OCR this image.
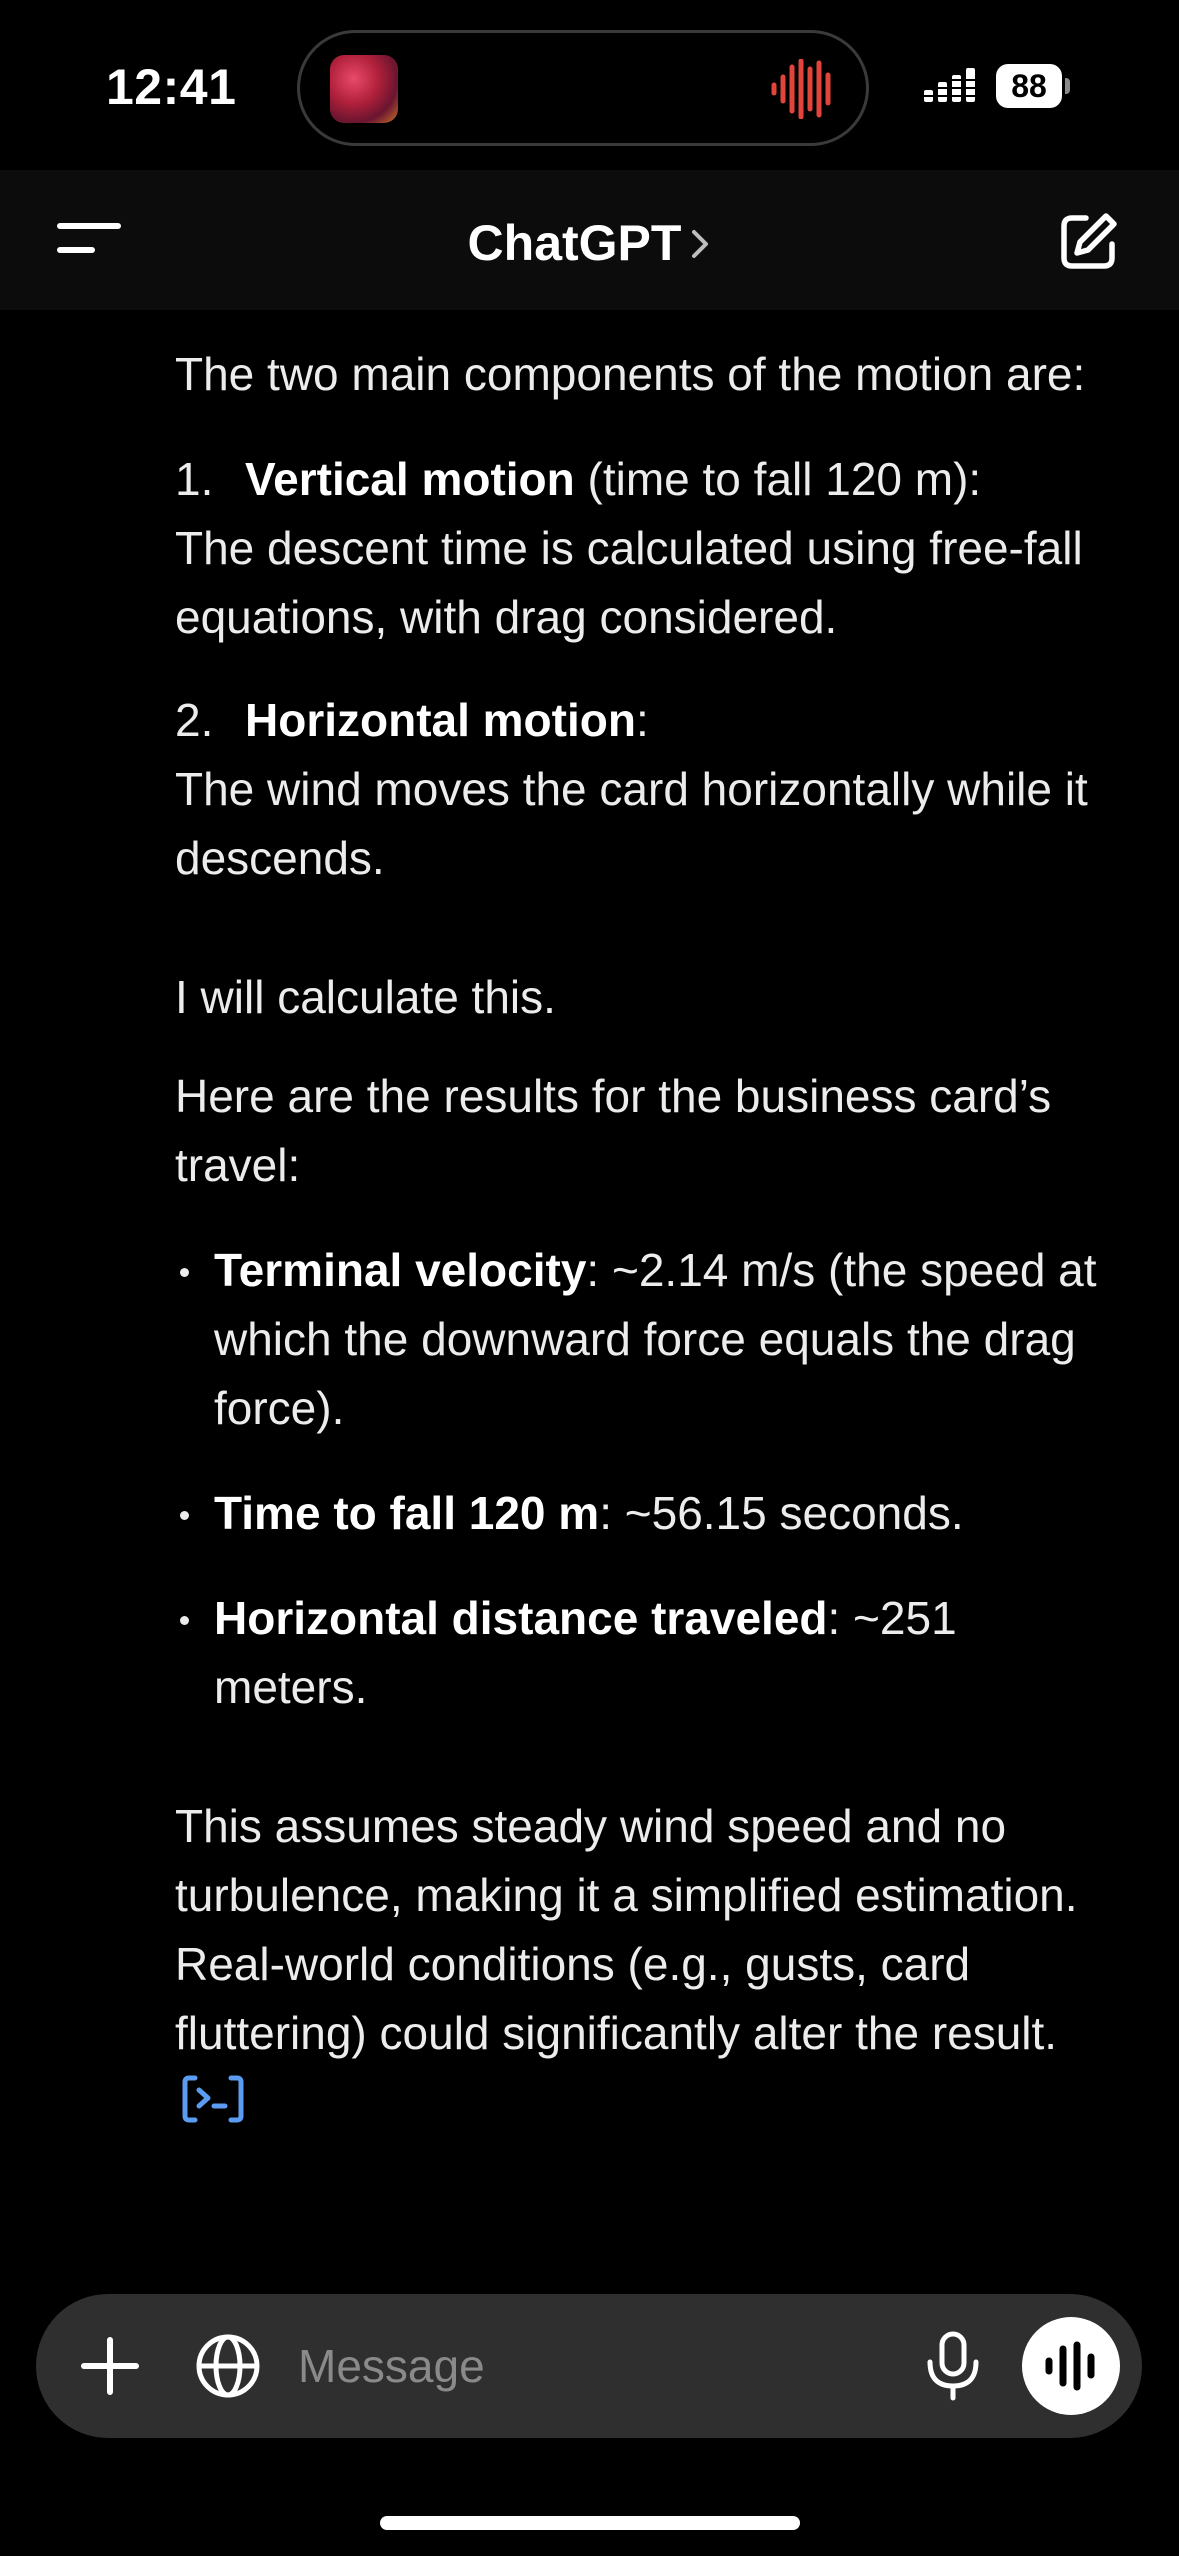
12:41	88
ChatGPT

The two main components of the motion are:

1. Vertical motion (time to fall 120 m):
The descent time is calculated using free-fall equations, with drag considered.
2. Horizontal motion:
The wind moves the card horizontally while it descends.

I will calculate this.

Here are the results for the business card’s travel:

Terminal velocity: ~2.14 m/s (the speed at which the downward force equals the drag force).
Time to fall 120 m: ~56.15 seconds.
Horizontal distance traveled: ~251 meters.

This assumes steady wind speed and no turbulence, making it a simplified estimation. Real-world conditions (e.g., gusts, card fluttering) could significantly alter the result.

Message
